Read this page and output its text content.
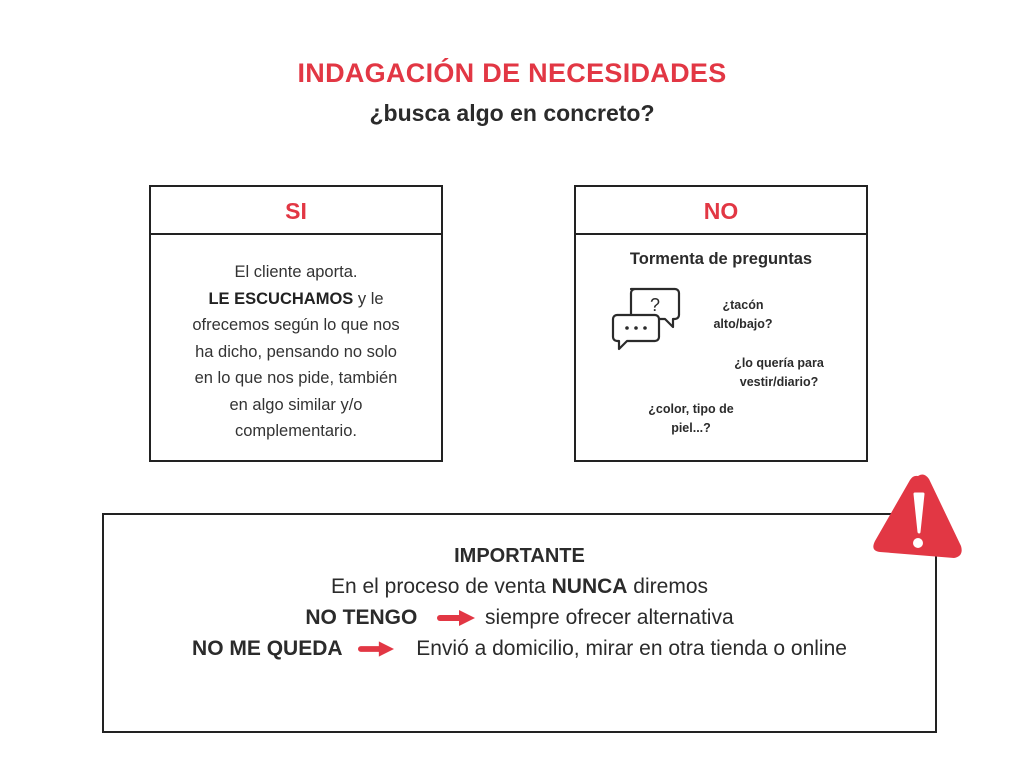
INDAGACIÓN DE NECESIDADES
¿busca algo en concreto?
SI
El cliente aporta.
LE ESCUCHAMOS y le
ofrecemos según lo que nos
ha dicho, pensando no solo
en lo que nos pide, también
en algo similar y/o
complementario.
NO
Tormenta de preguntas
?	¿tacón
alto/bajo?
¿lo quería para
vestir/diario?
¿color, tipo de
piel...?
IMPORTANTE
En el proceso de venta NUNCA diremos
NO TENGO	siempre ofrecer alternativa
NO ME QUEDA	Envió a domicilio, mirar en otra tienda o online
